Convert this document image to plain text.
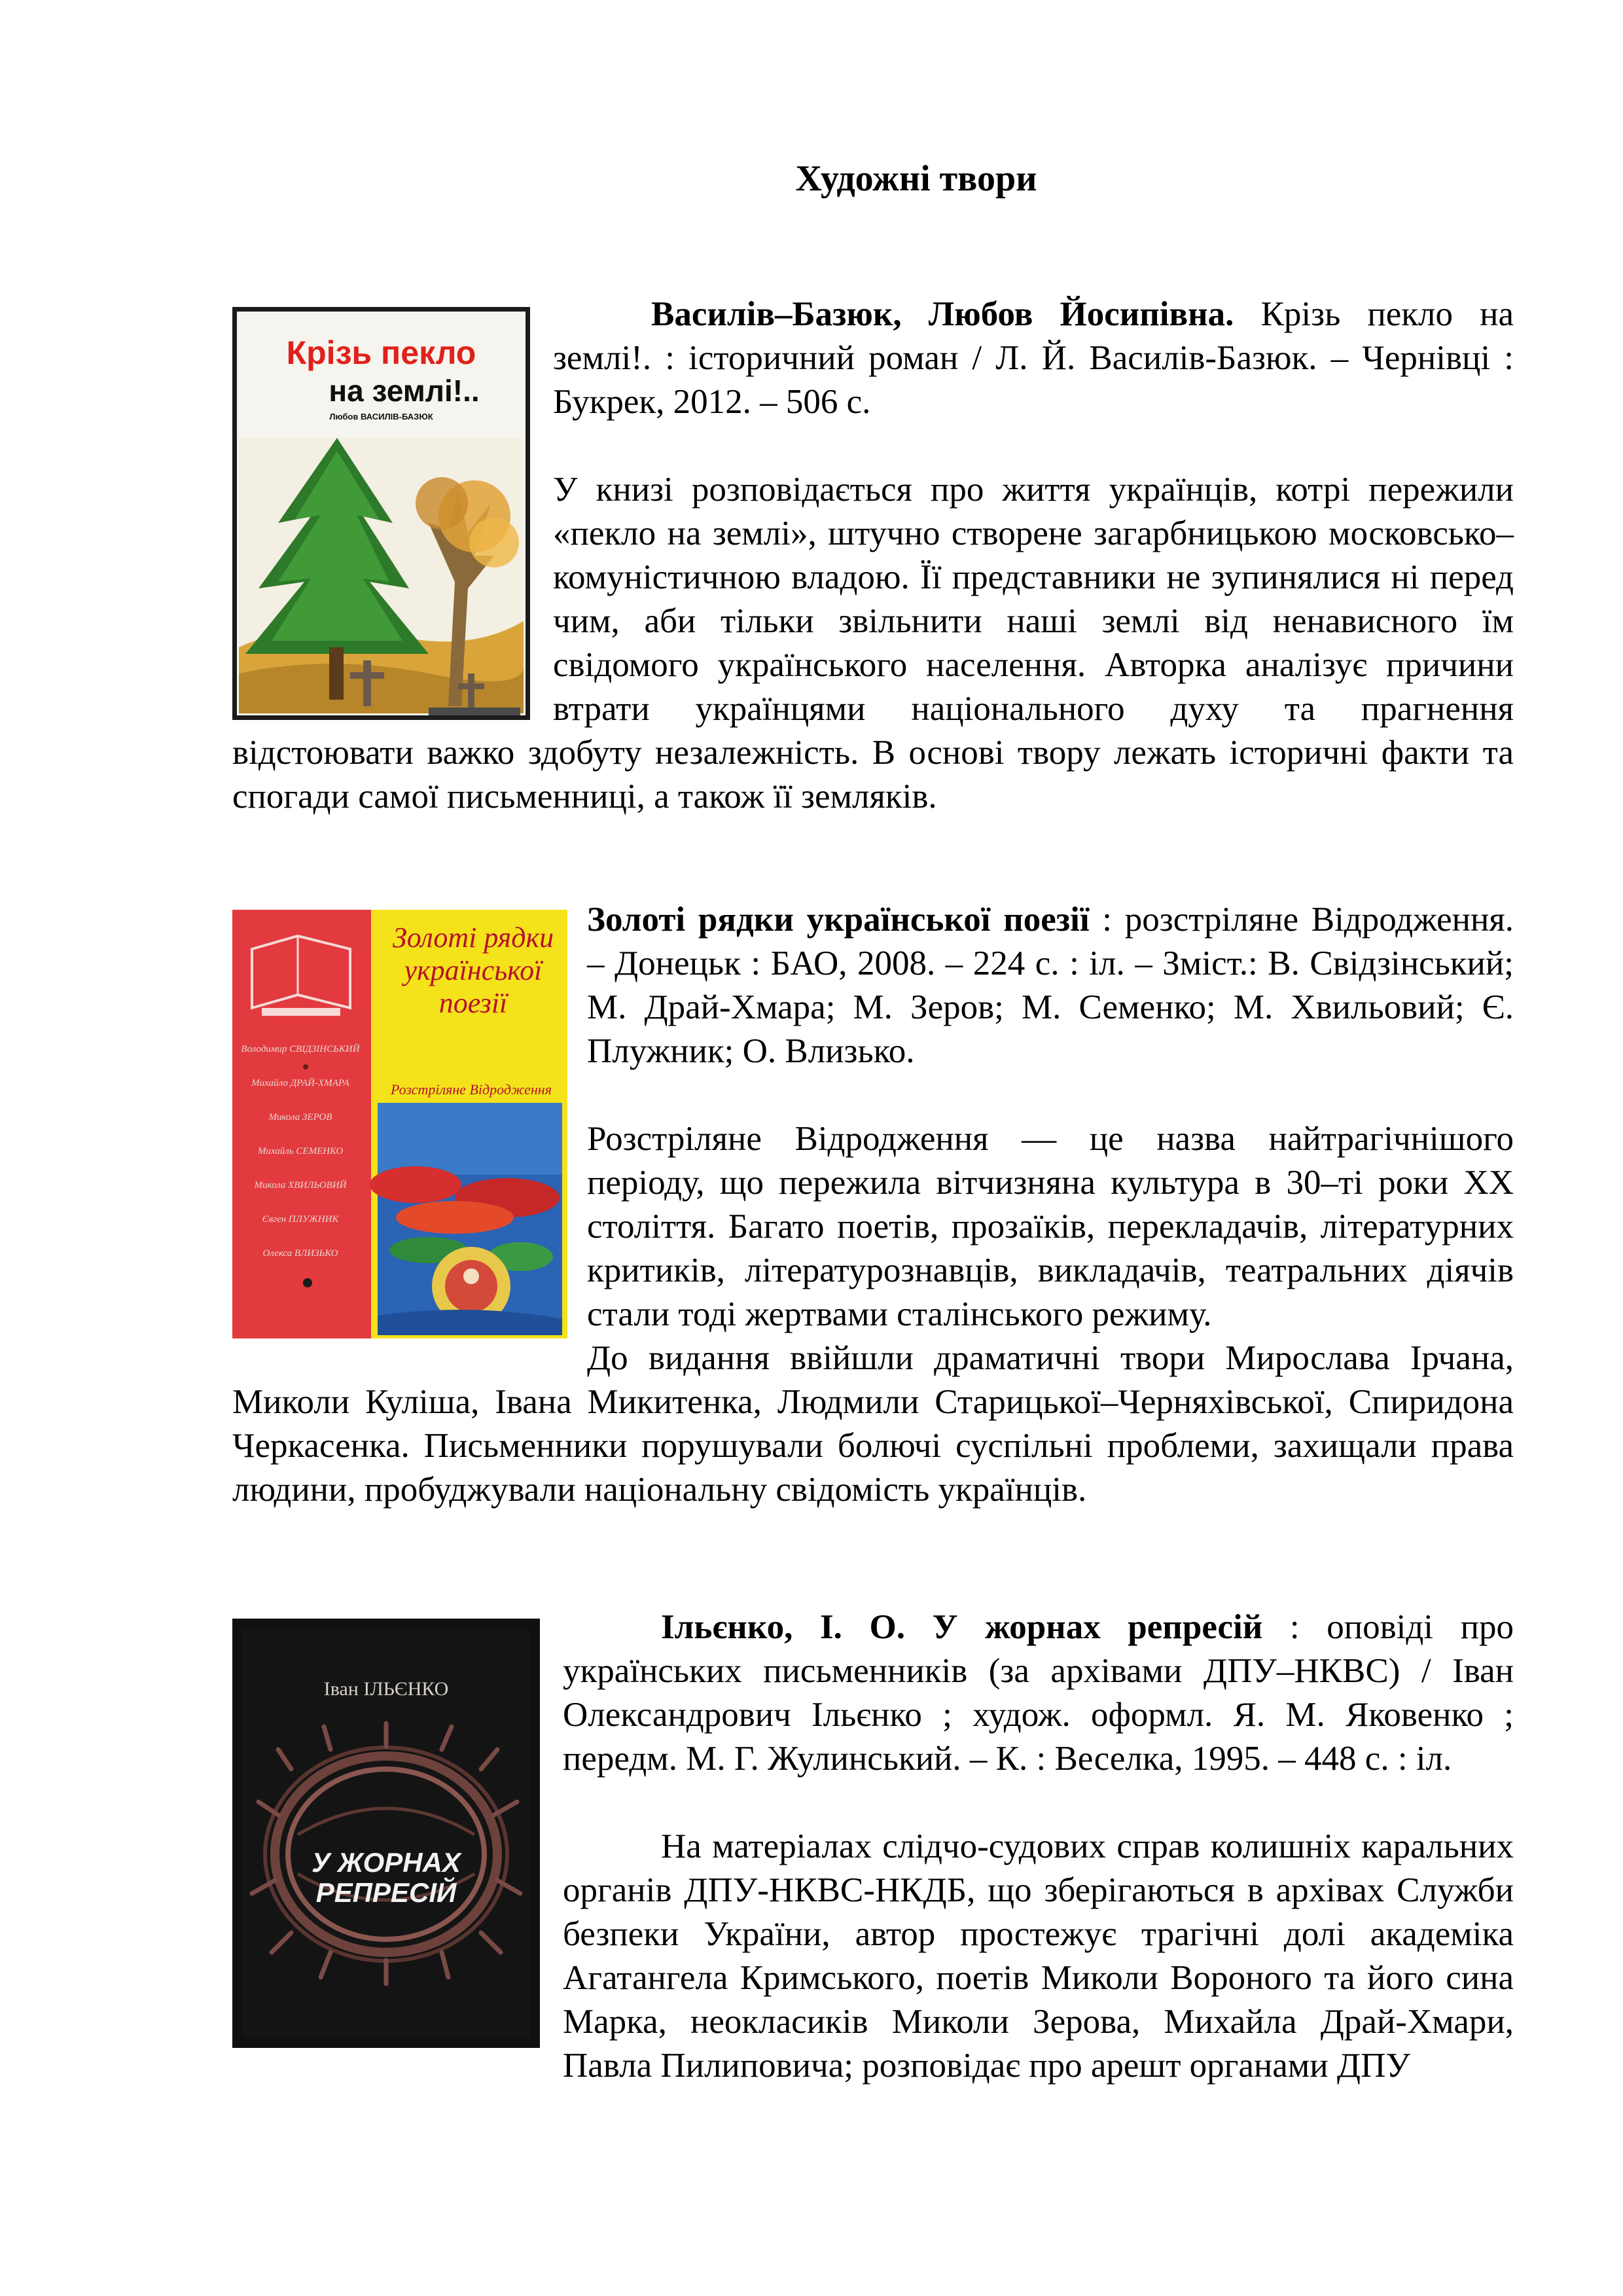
Художні твори
Крізь пекло
на землі!..
Любов ВАСИЛІВ-БАЗЮК

Василів–Базюк, Любов Йосипівна. Крізь пекло на землі!. : історичний роман / Л. Й. Василів-Базюк. – Чернівці : Букрек, 2012. – 506 с.

У книзі розповідається про життя українців, котрі пережили «пекло на землі», штучно створене загарбницькою московсько–комуністичною владою. Її представники не зупинялися ні перед чим, аби тільки звільнити наші землі від ненависного їм свідомого українського населення. Авторка аналізує причини втрати українцями національного духу та прагнення відстоювати важко здобуту незалежність. В основі твору лежать історичні факти та спогади самої письменниці, а також її земляків.

Золоті рядки української поезії
Розстріляне Відродження
Володимир СВІДЗІНСЬКИЙ
Михайло ДРАЙ-ХМАРА
Микола ЗЕРОВ
Михайль СЕМЕНКО
Микола ХВИЛЬОВИЙ
Євген ПЛУЖНИК
Олекса ВЛИЗЬКО

Золоті рядки української поезії : розстріляне Відродження. – Донецьк : БАО, 2008. – 224 с. : іл. – Зміст.: В. Свідзінський; М. Драй-Хмара; М. Зеров; М. Семенко; М. Хвильовий; Є. Плужник; О. Влизько.

Розстріляне Відродження — це назва найтрагічнішого періоду, що пережила вітчизняна культура в 30–ті роки XX століття. Багато поетів, прозаїків, перекладачів, літературних критиків, літературознавців, викладачів, театральних діячів стали тоді жертвами сталінського режиму.

До видання ввійшли драматичні твори Мирослава Ірчана, Миколи Куліша, Івана Микитенка, Людмили Старицької–Черняхівської, Спиридона Черкасенка. Письменники порушували болючі суспільні проблеми, захищали права людини, пробуджували національну свідомість українців.

Іван ІЛЬЄНКО
У ЖОРНАХ
РЕПРЕСІЙ

Ільєнко, І. О. У жорнах репресій : оповіді про українських письменників (за архівами ДПУ–НКВС) / Іван Олександрович Ільєнко ; худож. оформл. Я. М. Яковенко ; передм. М. Г. Жулинський. – К. : Веселка, 1995. – 448 с. : іл.

На матеріалах слідчо-судових справ колишніх каральних органів ДПУ-НКВС-НКДБ, що зберігаються в архівах Служби безпеки України, автор простежує трагічні долі академіка Агатангела Кримського, поетів Миколи Вороного та його сина Марка, неокласиків Миколи Зерова, Михайла Драй-Хмари, Павла Пилиповича; розповідає про арешт органами ДПУ
